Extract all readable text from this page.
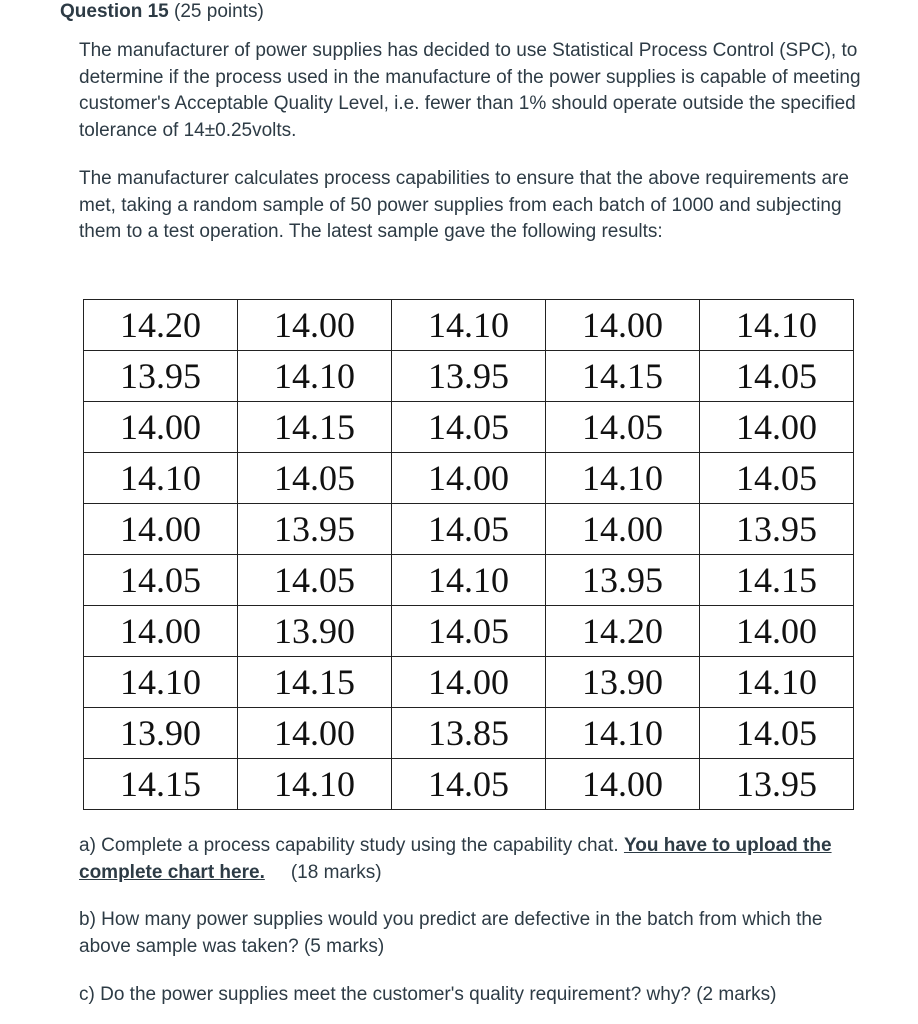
Question 15 (25 points)

The manufacturer of power supplies has decided to use Statistical Process Control (SPC), to determine if the process used in the manufacture of the power supplies is capable of meeting customer's Acceptable Quality Level, i.e. fewer than 1% should operate outside the specified tolerance of 14±0.25volts.

The manufacturer calculates process capabilities to ensure that the above requirements are met, taking a random sample of 50 power supplies from each batch of 1000 and subjecting them to a test operation. The latest sample gave the following results:

14.20	14.00	14.10	14.00	14.10
13.95	14.10	13.95	14.15	14.05
14.00	14.15	14.05	14.05	14.00
14.10	14.05	14.00	14.10	14.05
14.00	13.95	14.05	14.00	13.95
14.05	14.05	14.10	13.95	14.15
14.00	13.90	14.05	14.20	14.00
14.10	14.15	14.00	13.90	14.10
13.90	14.00	13.85	14.10	14.05
14.15	14.10	14.05	14.00	13.95

a) Complete a process capability study using the capability chat. You have to upload the complete chart here. (18 marks)

b) How many power supplies would you predict are defective in the batch from which the above sample was taken? (5 marks)

c) Do the power supplies meet the customer's quality requirement? why? (2 marks)
